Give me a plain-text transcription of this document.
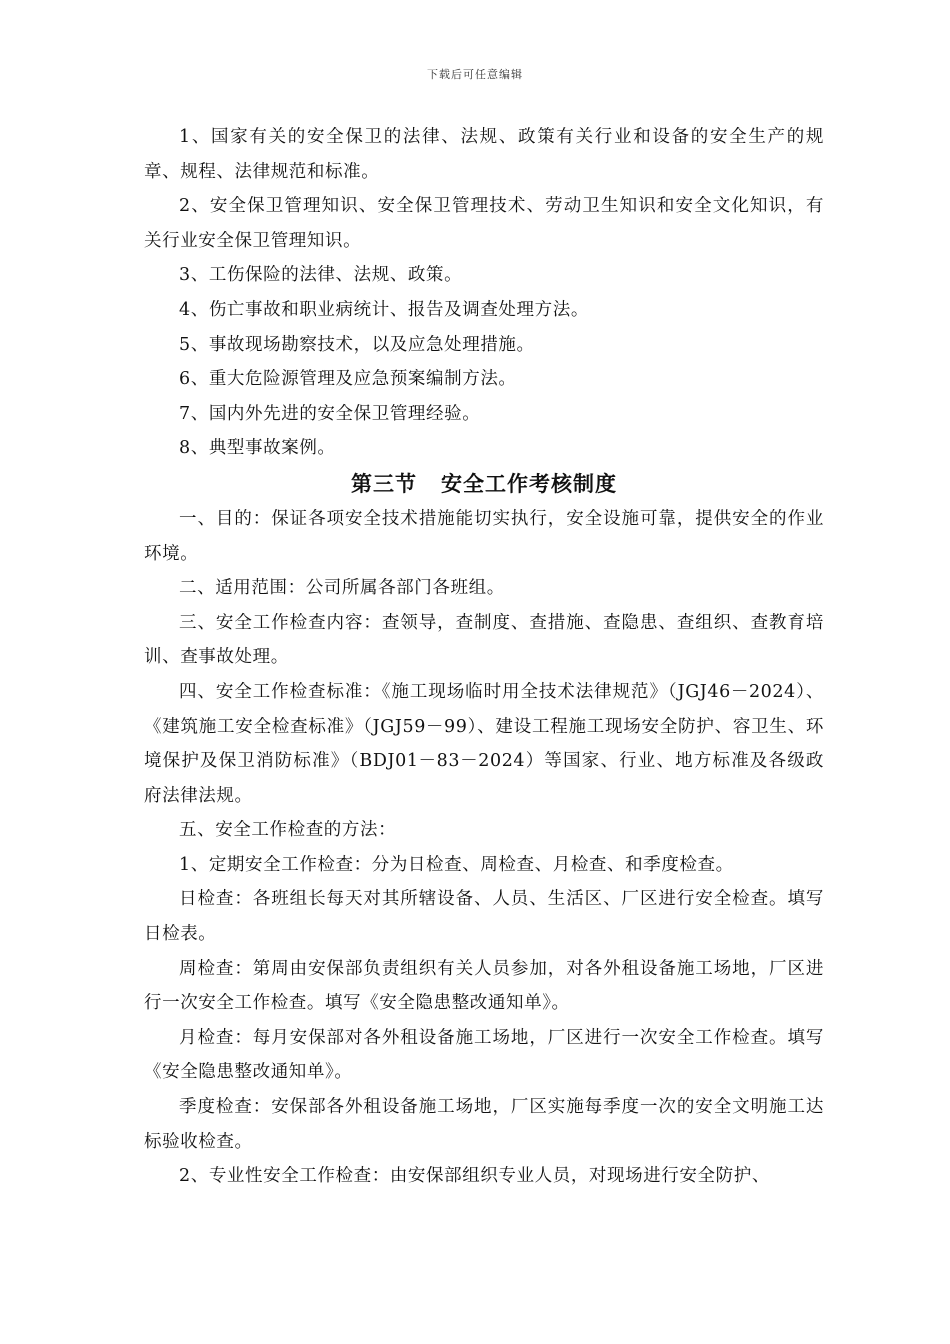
下载后可任意编辑

1、国家有关的安全保卫的法律、法规、政策有关行业和设备的安全生产的规章、规程、法律规范和标准。

2、安全保卫管理知识、安全保卫管理技术、劳动卫生知识和安全文化知识，有关行业安全保卫管理知识。

3、工伤保险的法律、法规、政策。

4、伤亡事故和职业病统计、报告及调查处理方法。

5、事故现场勘察技术，以及应急处理措施。

6、重大危险源管理及应急预案编制方法。

7、国内外先进的安全保卫管理经验。

8、典型事故案例。

第三节 安全工作考核制度

一、目的：保证各项安全技术措施能切实执行，安全设施可靠，提供安全的作业环境。

二、适用范围：公司所属各部门各班组。

三、安全工作检查内容：查领导，查制度、查措施、查隐患、查组织、查教育培训、查事故处理。

四、安全工作检查标准：《施工现场临时用全技术法律规范》（JGJ46－2024）、《建筑施工安全检查标准》（JGJ59－99）、建设工程施工现场安全防护、容卫生、环境保护及保卫消防标准》（BDJ01－83－2024）等国家、行业、地方标准及各级政府法律法规。

五、安全工作检查的方法：

1、定期安全工作检查：分为日检查、周检查、月检查、和季度检查。

日检查：各班组长每天对其所辖设备、人员、生活区、厂区进行安全检查。填写日检表。

周检查：第周由安保部负责组织有关人员参加，对各外租设备施工场地，厂区进行一次安全工作检查。填写《安全隐患整改通知单》。

月检查：每月安保部对各外租设备施工场地，厂区进行一次安全工作检查。填写《安全隐患整改通知单》。

季度检查：安保部各外租设备施工场地，厂区实施每季度一次的安全文明施工达标验收检查。

2、专业性安全工作检查：由安保部组织专业人员，对现场进行安全防护、
